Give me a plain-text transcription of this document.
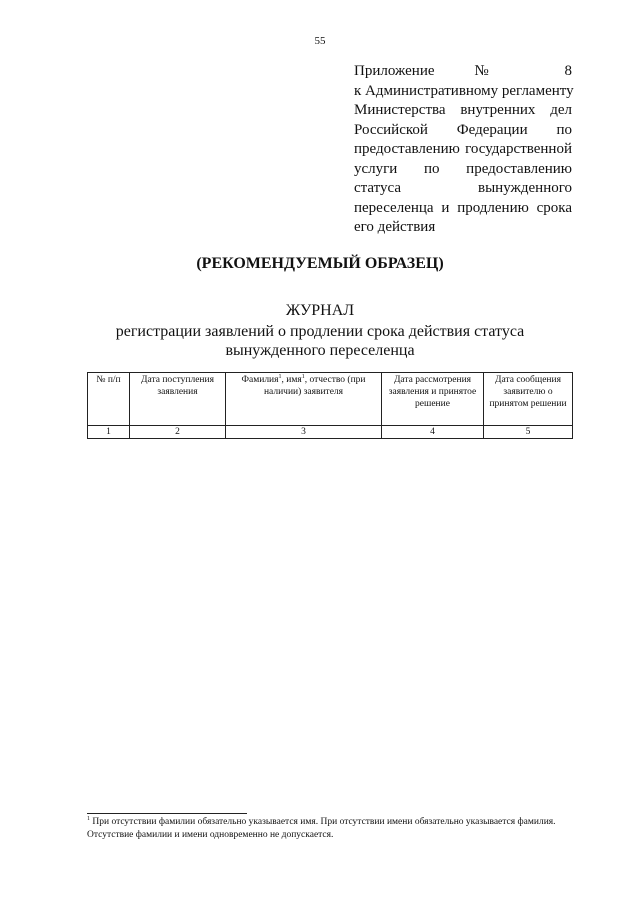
55
Приложение № 8
к Административному регламенту
Министерства внутренних дел
Российской Федерации по
предоставлению государственной
услуги по предоставлению
статуса вынужденного
переселенца и продлению срока
его действия
(РЕКОМЕНДУЕМЫЙ ОБРАЗЕЦ)
ЖУРНАЛ
регистрации заявлений о продлении срока действия статуса
вынужденного переселенца
№ п/п	Дата поступления заявления	Фамилия$^1$, имя$^1$, отчество (при наличии) заявителя	Дата рассмотрения заявления и принятое решение	Дата сообщения заявителю о принятом решении
1	2	3	4	5
$^1$ При отсутствии фамилии обязательно указывается имя. При отсутствии имени обязательно указывается фамилия. Отсутствие фамилии и имени одновременно не допускается.
